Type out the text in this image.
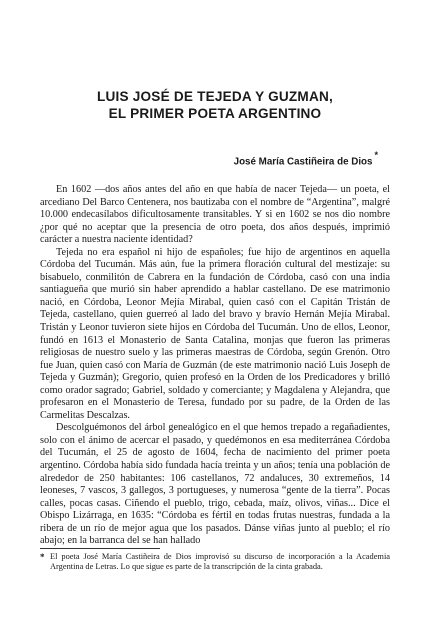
LUIS JOSÉ DE TEJEDA Y GUZMAN,
EL PRIMER POETA ARGENTINO
José María Castiñeira de Dios*

En 1602 —dos años antes del año en que había de nacer Tejeda— un poeta, el arcediano Del Barco Centenera, nos bautizaba con el nombre de “Argentina”, malgré 10.000 endecasílabos dificultosamente transitables. Y si en 1602 se nos dio nombre ¿por qué no aceptar que la presencia de otro poeta, dos años después, imprimió carácter a nuestra naciente identidad?

Tejeda no era español ni hijo de españoles; fue hijo de argentinos en aquella Córdoba del Tucumán. Más aún, fue la primera floración cultural del mestizaje: su bisabuelo, conmilitón de Cabrera en la fundación de Córdoba, casó con una india santiagueña que murió sin haber aprendido a hablar castellano. De ese matrimonio nació, en Córdoba, Leonor Mejía Mirabal, quien casó con el Capitán Tristán de Tejeda, castellano, quien guerreó al lado del bravo y bravío Hernán Mejía Mirabal. Tristán y Leonor tuvieron siete hijos en Córdoba del Tucumán. Uno de ellos, Leonor, fundó en 1613 el Monasterio de Santa Catalina, monjas que fueron las primeras religiosas de nuestro suelo y las primeras maestras de Córdoba, según Grenón. Otro fue Juan, quien casó con María de Guzmán (de este matrimonio nació Luis Joseph de Tejeda y Guzmán); Gregorio, quien profesó en la Orden de los Predicadores y brilló como orador sagrado; Gabriel, soldado y comerciante; y Magdalena y Alejandra, que profesaron en el Monasterio de Teresa, fundado por su padre, de la Orden de las Carmelitas Descalzas.

Descolguémonos del árbol genealógico en el que hemos trepado a regañadientes, solo con el ánimo de acercar el pasado, y quedémonos en esa mediterránea Córdoba del Tucumán, el 25 de agosto de 1604, fecha de nacimiento del primer poeta argentino. Córdoba había sido fundada hacía treinta y un años; tenía una población de alrededor de 250 habitantes: 106 castellanos, 72 andaluces, 30 extremeños, 14 leoneses, 7 vascos, 3 gallegos, 3 portugueses, y numerosa “gente de la tierra”. Pocas calles, pocas casas. Ciñendo el pueblo, trigo, cebada, maíz, olivos, viñas... Dice el Obispo Lizárraga, en 1635: “Córdoba es fértil en todas frutas nuestras, fundada a la ribera de un río de mejor agua que los pasados. Dánse viñas junto al pueblo; el río abajo; en la barranca del se han hallado

* El poeta José María Castiñeira de Dios improvisó su discurso de incorporación a la Academia Argentina de Letras. Lo que sigue es parte de la transcripción de la cinta grabada.
